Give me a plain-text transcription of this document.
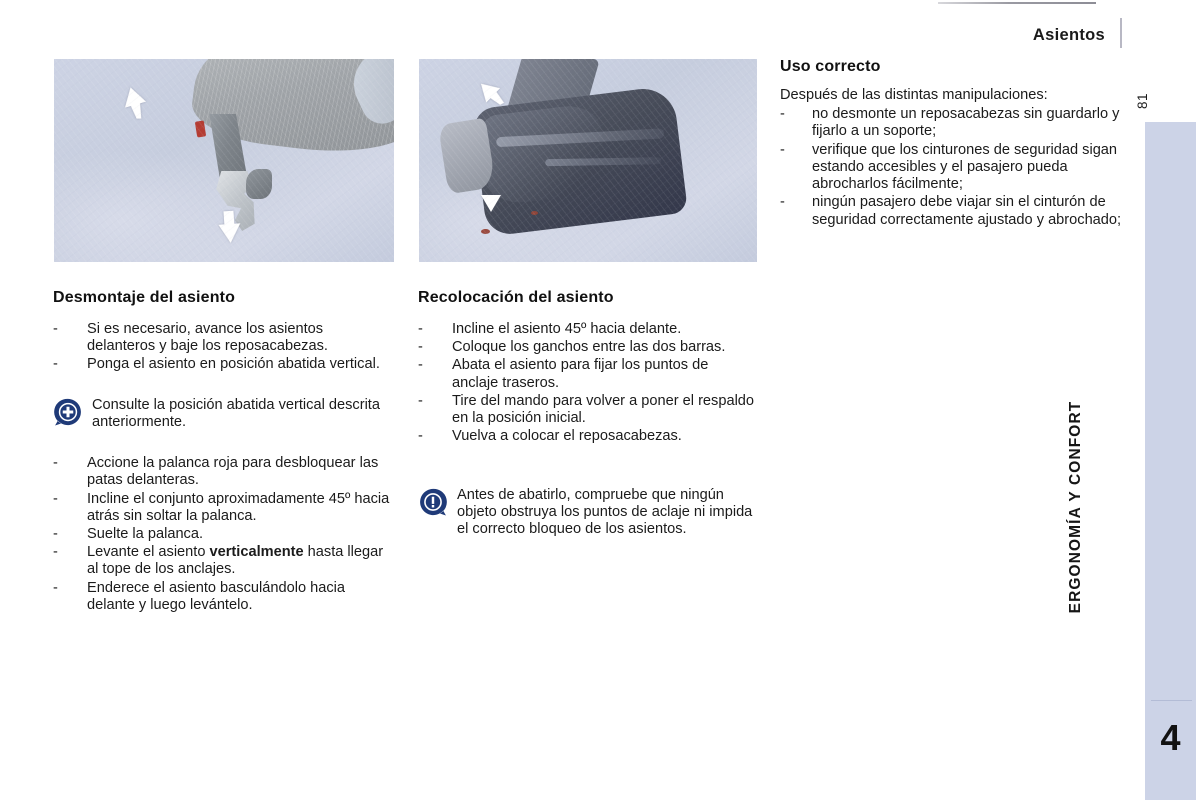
Asientos
81
ERGONOMÍA Y CONFORT
4
Desmontaje del asiento
- Si es necesario, avance los asientos delanteros y baje los reposacabezas.
- Ponga el asiento en posición abatida vertical.
Consulte la posición abatida vertical descrita anteriormente.
- Accione la palanca roja para desbloquear las patas delanteras.
- Incline el conjunto aproximadamente 45º hacia atrás sin soltar la palanca.
- Suelte la palanca.
- Levante el asiento verticalmente hasta llegar al tope de los anclajes.
- Enderece el asiento basculándolo hacia delante y luego levántelo.
Recolocación del asiento
- Incline el asiento 45º hacia delante.
- Coloque los ganchos entre las dos barras.
- Abata el asiento para fijar los puntos de anclaje traseros.
- Tire del mando para volver a poner el respaldo en la posición inicial.
- Vuelva a colocar el reposacabezas.
Antes de abatirlo, compruebe que ningún objeto obstruya los puntos de aclaje ni impida el correcto bloqueo de los asientos.
Uso correcto
Después de las distintas manipulaciones:
- no desmonte un reposacabezas sin guardarlo y fijarlo a un soporte;
- verifique que los cinturones de seguridad sigan estando accesibles y el pasajero pueda abrocharlos fácilmente;
- ningún pasajero debe viajar sin el cinturón de seguridad correctamente ajustado y abrochado;
